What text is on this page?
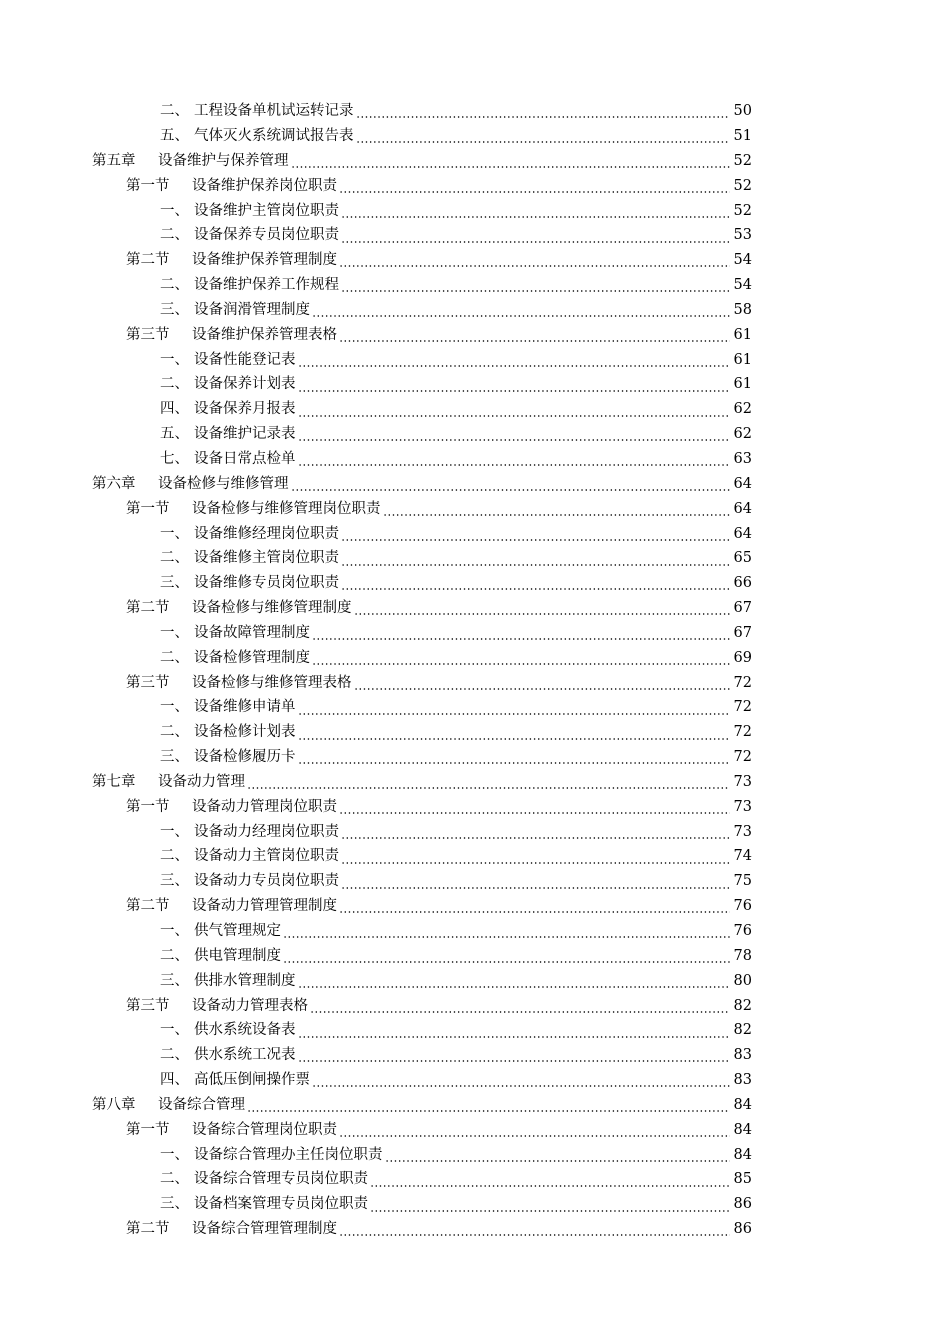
二、 工程设备单机试运转记录	50
五、 气体灭火系统调试报告表	51
第五章	设备维护与保养管理	52
第一节	设备维护保养岗位职责	52
一、 设备维护主管岗位职责	52
二、 设备保养专员岗位职责	53
第二节	设备维护保养管理制度	54
二、 设备维护保养工作规程	54
三、 设备润滑管理制度	58
第三节	设备维护保养管理表格	61
一、 设备性能登记表	61
二、 设备保养计划表	61
四、 设备保养月报表	62
五、 设备维护记录表	62
七、 设备日常点检单	63
第六章	设备检修与维修管理	64
第一节	设备检修与维修管理岗位职责	64
一、 设备维修经理岗位职责	64
二、 设备维修主管岗位职责	65
三、 设备维修专员岗位职责	66
第二节	设备检修与维修管理制度	67
一、 设备故障管理制度	67
二、 设备检修管理制度	69
第三节	设备检修与维修管理表格	72
一、 设备维修申请单	72
二、 设备检修计划表	72
三、 设备检修履历卡	72
第七章	设备动力管理	73
第一节	设备动力管理岗位职责	73
一、 设备动力经理岗位职责	73
二、 设备动力主管岗位职责	74
三、 设备动力专员岗位职责	75
第二节	设备动力管理管理制度	76
一、 供气管理规定	76
二、 供电管理制度	78
三、 供排水管理制度	80
第三节	设备动力管理表格	82
一、 供水系统设备表	82
二、 供水系统工况表	83
四、 高低压倒闸操作票	83
第八章	设备综合管理	84
第一节	设备综合管理岗位职责	84
一、 设备综合管理办主任岗位职责	84
二、 设备综合管理专员岗位职责	85
三、 设备档案管理专员岗位职责	86
第二节	设备综合管理管理制度	86
